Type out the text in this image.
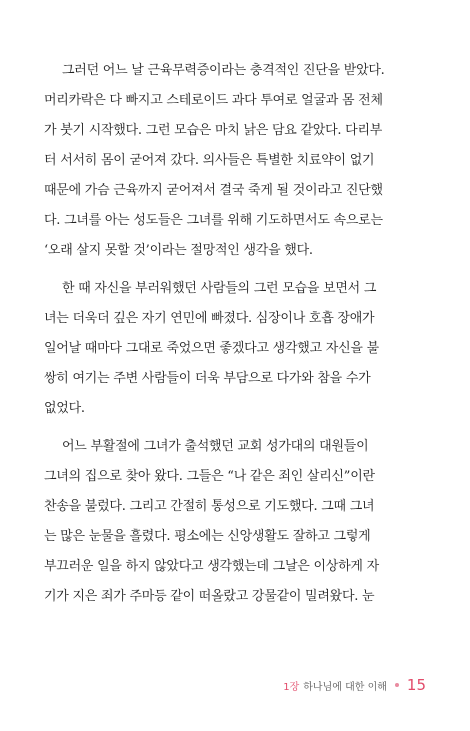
그러던 어느 날 근육무력증이라는 충격적인 진단을 받았다.
머리카락은 다 빠지고 스테로이드 과다 투여로 얼굴과 몸 전체
가 붓기 시작했다. 그런 모습은 마치 낡은 담요 같았다. 다리부
터 서서히 몸이 굳어져 갔다. 의사들은 특별한 치료약이 없기
때문에 가슴 근육까지 굳어져서 결국 죽게 될 것이라고 진단했
다. 그녀를 아는 성도들은 그녀를 위해 기도하면서도 속으로는
‘오래 살지 못할 것’이라는 절망적인 생각을 했다.

한 때 자신을 부러워했던 사람들의 그런 모습을 보면서 그
녀는 더욱더 깊은 자기 연민에 빠졌다. 심장이나 호흡 장애가
일어날 때마다 그대로 죽었으면 좋겠다고 생각했고 자신을 불
쌍히 여기는 주변 사람들이 더욱 부담으로 다가와 참을 수가
없었다.

어느 부활절에 그녀가 출석했던 교회 성가대의 대원들이
그녀의 집으로 찾아 왔다. 그들은 “나 같은 죄인 살리신”이란
찬송을 불렀다. 그리고 간절히 통성으로 기도했다. 그때 그녀
는 많은 눈물을 흘렸다. 평소에는 신앙생활도 잘하고 그렇게
부끄러운 일을 하지 않았다고 생각했는데 그날은 이상하게 자
기가 지은 죄가 주마등 같이 떠올랐고 강물같이 밀려왔다. 눈

1장 하나님에 대한 이해 15
